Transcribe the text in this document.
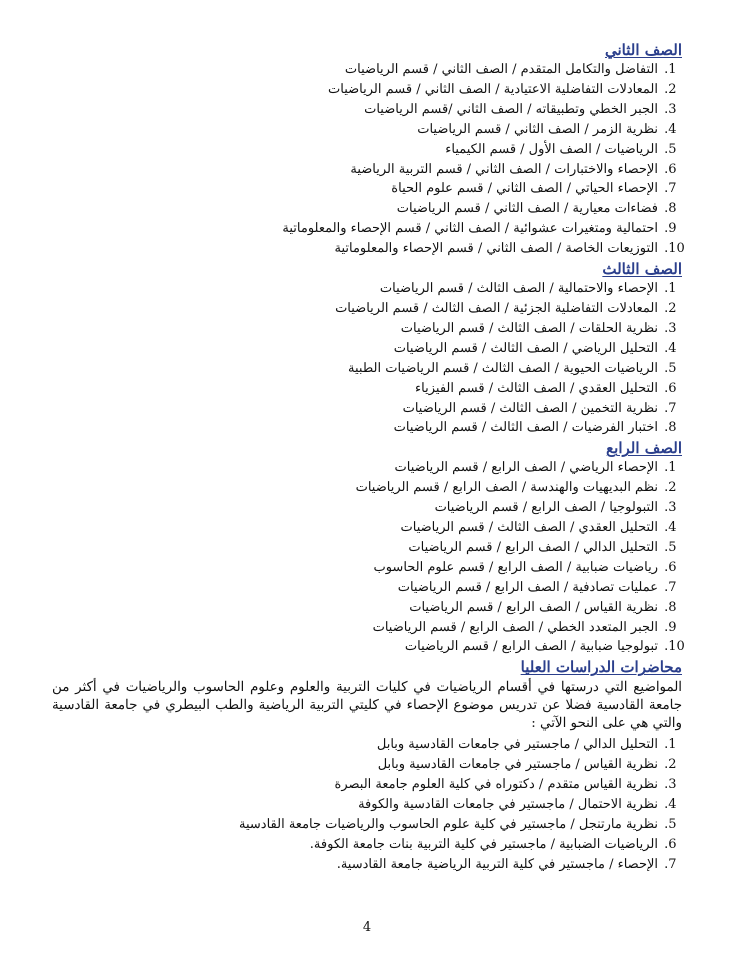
الصف الثاني

1. التفاضل والتكامل المتقدم / الصف الثاني / قسم الرياضيات
2. المعادلات التفاضلية الاعتيادية / الصف الثاني / قسم الرياضيات
3. الجبر الخطي وتطبيقاته / الصف الثاني /قسم الرياضيات
4. نظرية الزمر / الصف الثاني / قسم الرياضيات
5. الرياضيات / الصف الأول / قسم الكيمياء
6. الإحصاء والاختبارات / الصف الثاني / قسم التربية الرياضية
7. الإحصاء الحياتي / الصف الثاني / قسم علوم الحياة
8. فضاءات معيارية / الصف الثاني / قسم الرياضيات
9. احتمالية ومتغيرات عشوائية / الصف الثاني / قسم الإحصاء والمعلوماتية
10. التوزيعات الخاصة / الصف الثاني / قسم الإحصاء والمعلوماتية

الصف الثالث

1. الإحصاء والاحتمالية / الصف الثالث / قسم الرياضيات
2. المعادلات التفاضلية الجزئية / الصف الثالث / قسم الرياضيات
3. نظرية الحلقات / الصف الثالث / قسم الرياضيات
4. التحليل الرياضي / الصف الثالث / قسم الرياضيات
5. الرياضيات الحيوية / الصف الثالث / قسم الرياضيات الطبية
6. التحليل العقدي / الصف الثالث / قسم الفيزياء
7. نظرية التخمين / الصف الثالث / قسم الرياضيات
8. اختبار الفرضيات / الصف الثالث / قسم الرياضيات

الصف الرابع

1. الإحصاء الرياضي / الصف الرابع / قسم الرياضيات
2. نظم البديهيات والهندسة / الصف الرابع / قسم الرياضيات
3. التبولوجيا / الصف الرابع / قسم الرياضيات
4. التحليل العقدي / الصف الثالث / قسم الرياضيات
5. التحليل الدالي / الصف الرابع / قسم الرياضيات
6. رياضيات ضبابية / الصف الرابع / قسم علوم الحاسوب
7. عمليات تصادفية / الصف الرابع / قسم الرياضيات
8. نظرية القياس / الصف الرابع / قسم الرياضيات
9. الجبر المتعدد الخطي / الصف الرابع / قسم الرياضيات
10. تبولوجيا ضبابية / الصف الرابع / قسم الرياضيات

محاضرات الدراسات العليا

المواضيع التي درستها في أقسام الرياضيات في كليات التربية والعلوم وعلوم الحاسوب والرياضيات في أكثر من جامعة القادسية فضلا عن تدريس موضوع الإحصاء في كليتي التربية الرياضية والطب البيطري في جامعة القادسية والتي هي على النحو الآتي :

1. التحليل الدالي / ماجستير في جامعات القادسية وبابل
2. نظرية القياس / ماجستير في جامعات القادسية وبابل
3. نظرية القياس متقدم / دكتوراه في كلية العلوم جامعة البصرة
4. نظرية الاحتمال / ماجستير في جامعات القادسية والكوفة
5. نظرية مارتنجل / ماجستير في كلية علوم الحاسوب والرياضيات جامعة القادسية
6. الرياضيات الضبابية / ماجستير في كلية التربية بنات جامعة الكوفة.
7. الإحصاء / ماجستير في كلية التربية الرياضية جامعة القادسية.
4
